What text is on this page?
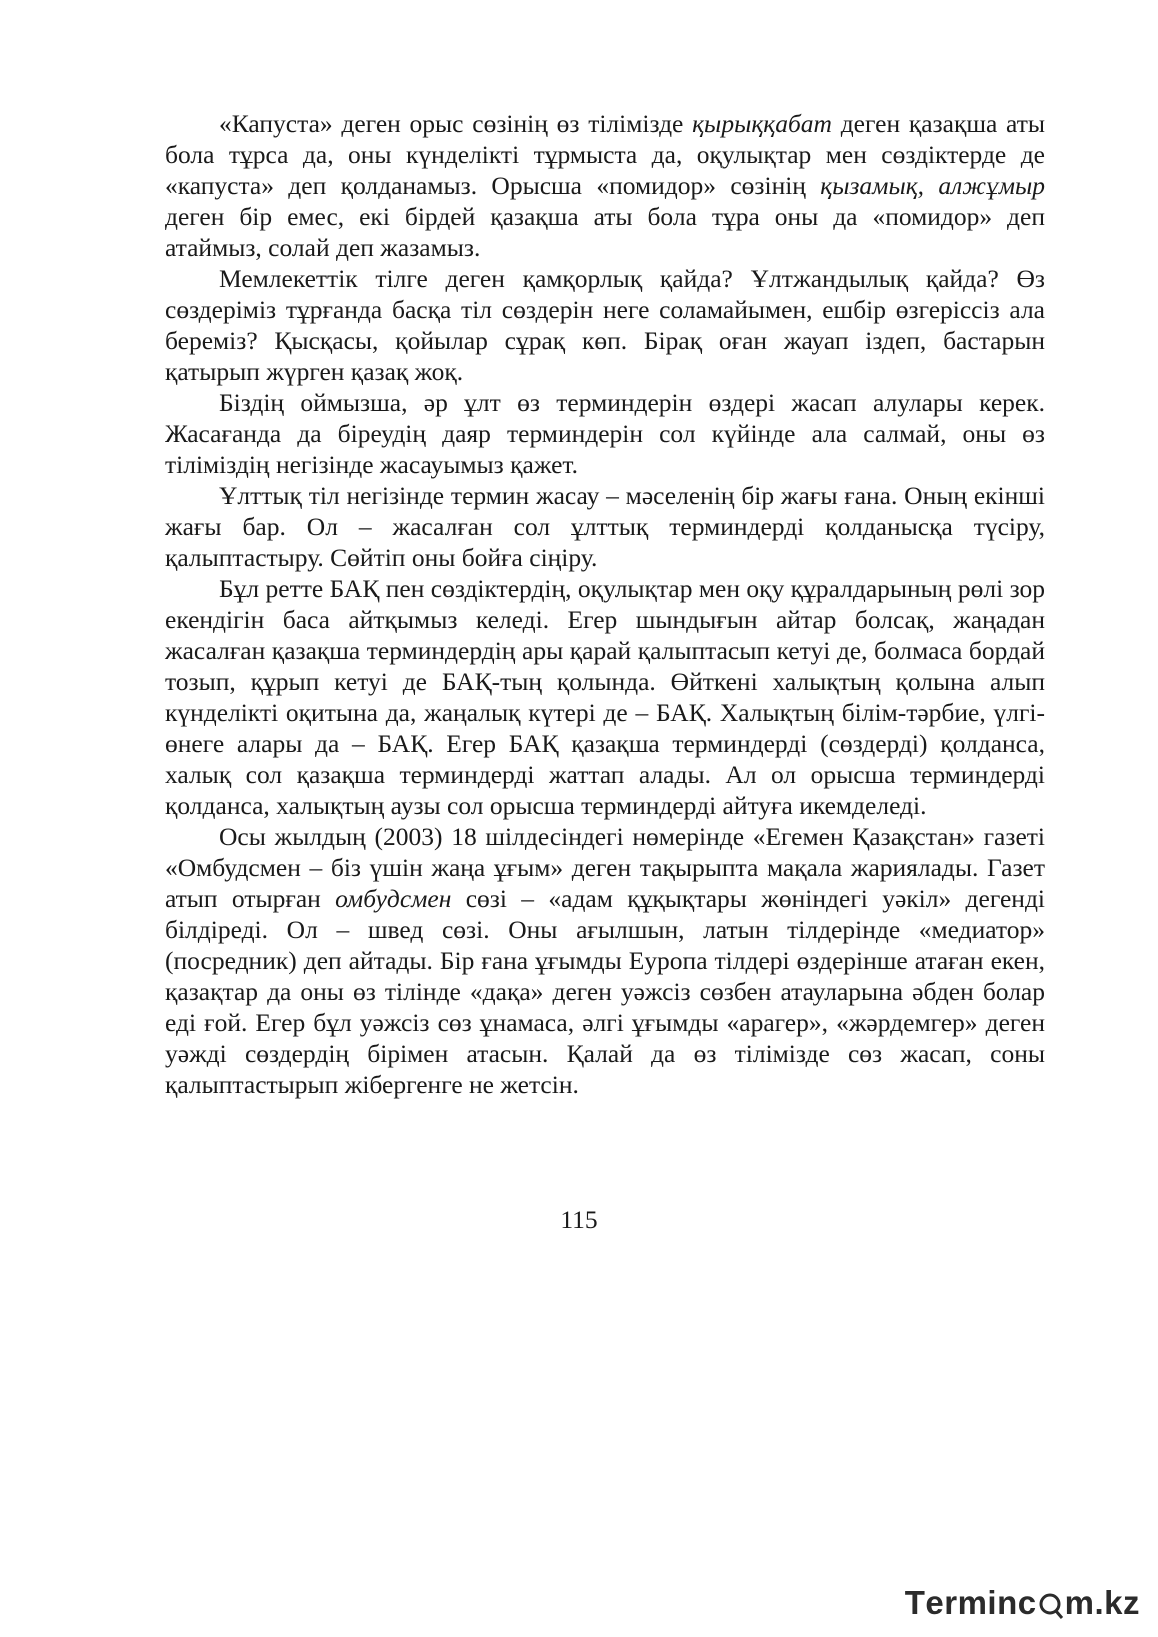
«Капуста» деген орыс сөзінің өз тілімізде қырыққабат деген қазақша аты бола тұрса да, оны күнделікті тұрмыста да, оқулықтар мен сөздіктерде де «капуста» деп қолданамыз. Орысша «помидор» сөзінің қызамық, алжұмыр деген бір емес, екі бірдей қазақша аты бола тұра оны да «помидор» деп атаймыз, солай деп жазамыз.

Мемлекеттік тілге деген қамқорлық қайда? Ұлтжандылық қайда? Өз сөздеріміз тұрғанда басқа тіл сөздерін неге соламайымен, ешбір өзгеріссіз ала береміз? Қысқасы, қойылар сұрақ көп. Бірақ оған жауап іздеп, бастарын қатырып жүрген қазақ жоқ.

Біздің оймызша, әр ұлт өз терминдерін өздері жасап алулары керек. Жасағанда да біреудің даяр терминдерін сол күйінде ала салмай, оны өз тіліміздің негізінде жасауымыз қажет.

Ұлттық тіл негізінде термин жасау – мәселенің бір жағы ғана. Оның екінші жағы бар. Ол – жасалған сол ұлттық терминдерді қолданысқа түсіру, қалыптастыру. Сөйтіп оны бойға сіңіру.

Бұл ретте БАҚ пен сөздіктердің, оқулықтар мен оқу құралдарының рөлі зор екендігін баса айтқымыз келеді. Егер шындығын айтар болсақ, жаңадан жасалған қазақша терминдердің ары қарай қалыптасып кетуі де, болмаса бордай тозып, құрып кетуі де БАҚ-тың қолында. Өйткені халықтың қолына алып күнделікті оқитына да, жаңалық күтері де – БАҚ. Халықтың білім-тәрбие, үлгі-өнеге алары да – БАҚ. Егер БАҚ қазақша терминдерді (сөздерді) қолданса, халық сол қазақша терминдерді жаттап алады. Ал ол орысша терминдерді қолданса, халықтың аузы сол орысша терминдерді айтуға икемделеді.

Осы жылдың (2003) 18 шілдесіндегі нөмерінде «Егемен Қазақстан» газеті «Омбудсмен – біз үшін жаңа ұғым» деген тақырыпта мақала жариялады. Газет атып отырған омбудсмен сөзі – «адам құқықтары жөніндегі уәкіл» дегенді білдіреді. Ол – швед сөзі. Оны ағылшын, латын тілдерінде «медиатор» (посредник) деп айтады. Бір ғана ұғымды Еуропа тілдері өздерінше атаған екен, қазақтар да оны өз тілінде «дақа» деген уәжсіз сөзбен атауларына әбден болар еді ғой. Егер бұл уәжсіз сөз ұнамаса, әлгі ұғымды «арагер», «жәрдемгер» деген уәжді сөздердің бірімен атасын. Қалай да өз тілімізде сөз жасап, соны қалыптастырып жібергенге не жетсін.

115
T ermin c m.kz
